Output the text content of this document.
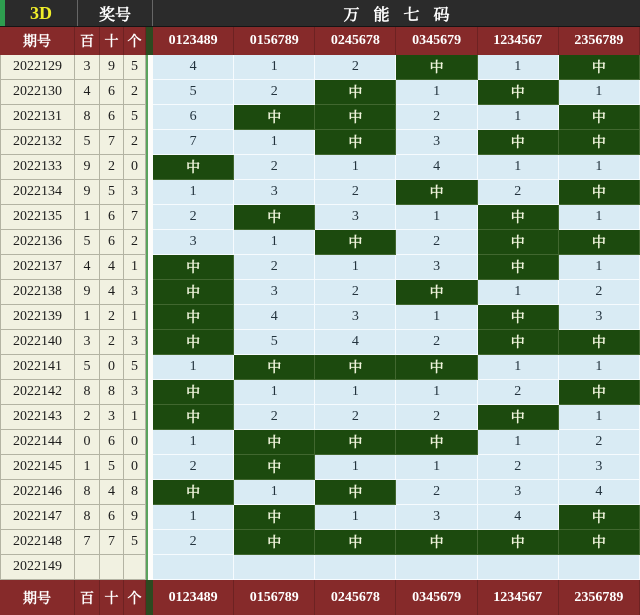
3D	奖号	万能七码
期号	百 十 个	0123489	0156789	0245678	0345679	1234567	2356789
2022129	3	9	5	4	1	2	中	1	中
2022130	4	6	2	5	2	中	1	中	1
2022131	8	6	5	6	中	中	2	1	中
2022132	5	7	2	7	1	中	3	中	中
2022133	9	2	0	中	2	1	4	1	1
2022134	9	5	3	1	3	2	中	2	中
2022135	1	6	7	2	中	3	1	中	1
2022136	5	6	2	3	1	中	2	中	中
2022137	4	4	1	中	2	1	3	中	1
2022138	9	4	3	中	3	2	中	1	2
2022139	1	2	1	中	4	3	1	中	3
2022140	3	2	3	中	5	4	2	中	中
2022141	5	0	5	1	中	中	中	1	1
2022142	8	8	3	中	1	1	1	2	中
2022143	2	3	1	中	2	2	2	中	1
2022144	0	6	0	1	中	中	中	1	2
2022145	1	5	0	2	中	1	1	2	3
2022146	8	4	8	中	1	中	2	3	4
2022147	8	6	9	1	中	1	3	4	中
2022148	7	7	5	2	中	中	中	中	中
2022149
期号	百 十 个	0123489	0156789	0245678	0345679	1234567	2356789
